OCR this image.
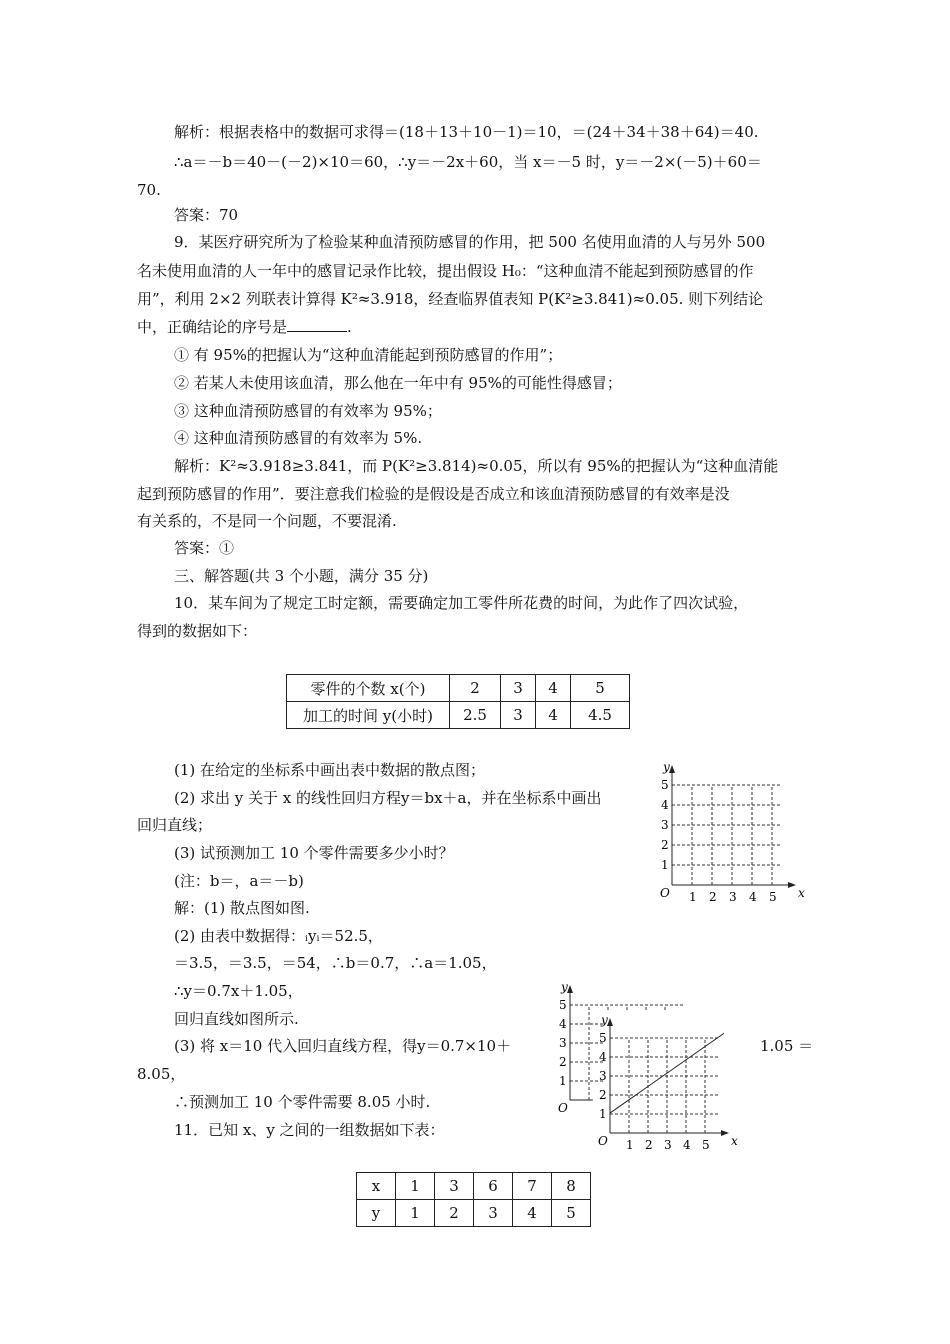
解析：根据表格中的数据可求得＝(18＋13＋10－1)＝10，＝(24＋34＋38＋64)＝40.
∴a＝－b＝40－(－2)×10＝60，∴y＝－2x＋60，当 x＝－5 时，y＝－2×(－5)＋60＝
70.
答案：70
9．某医疗研究所为了检验某种血清预防感冒的作用，把 500 名使用血清的人与另外 500
名未使用血清的人一年中的感冒记录作比较，提出假设 H₀：“这种血清不能起到预防感冒的作
用”，利用 2×2 列联表计算得 K²≈3.918，经查临界值表知 P(K²≥3.841)≈0.05. 则下列结论
中，正确结论的序号是	.
① 有 95%的把握认为“这种血清能起到预防感冒的作用”；
② 若某人未使用该血清，那么他在一年中有 95%的可能性得感冒；
③ 这种血清预防感冒的有效率为 95%；
④ 这种血清预防感冒的有效率为 5%.
解析：K²≈3.918≥3.841，而 P(K²≥3.814)≈0.05，所以有 95%的把握认为“这种血清能
起到预防感冒的作用”．要注意我们检验的是假设是否成立和该血清预防感冒的有效率是没
有关系的，不是同一个问题，不要混淆.
答案：①
三、解答题(共 3 个小题，满分 35 分)
10．某车间为了规定工时定额，需要确定加工零件所花费的时间，为此作了四次试验，
得到的数据如下：
(1) 在给定的坐标系中画出表中数据的散点图；
(2) 求出 y 关于 x 的线性回归方程y＝bx＋a，并在坐标系中画出
回归直线；
(3) 试预测加工 10 个零件需要多少小时？
(注：b＝，a＝－b)
解：(1) 散点图如图.
(2) 由表中数据得：ᵢyᵢ＝52.5，
＝3.5，＝3.5，＝54，∴b＝0.7，∴a＝1.05，
∴y＝0.7x＋1.05，
回归直线如图所示.
(3) 将 x＝10 代入回归直线方程，得y＝0.7×10＋	1.05 ＝
8.05，
∴预测加工 10 个零件需要 8.05 小时.
11．已知 x、y 之间的一组数据如下表：
零件的个数 x(个)	2	3	4	5
加工的时间 y(小时)	2.5	3	4	4.5
x	1	3	6	7	8
y	1	2	3	4	5
1
2
3
4
5
1 2 3 4 5
O
y
x
1
2
3
4
5
O
y
1
2
3
4
5
1 2 3 4 5
O
y
x
